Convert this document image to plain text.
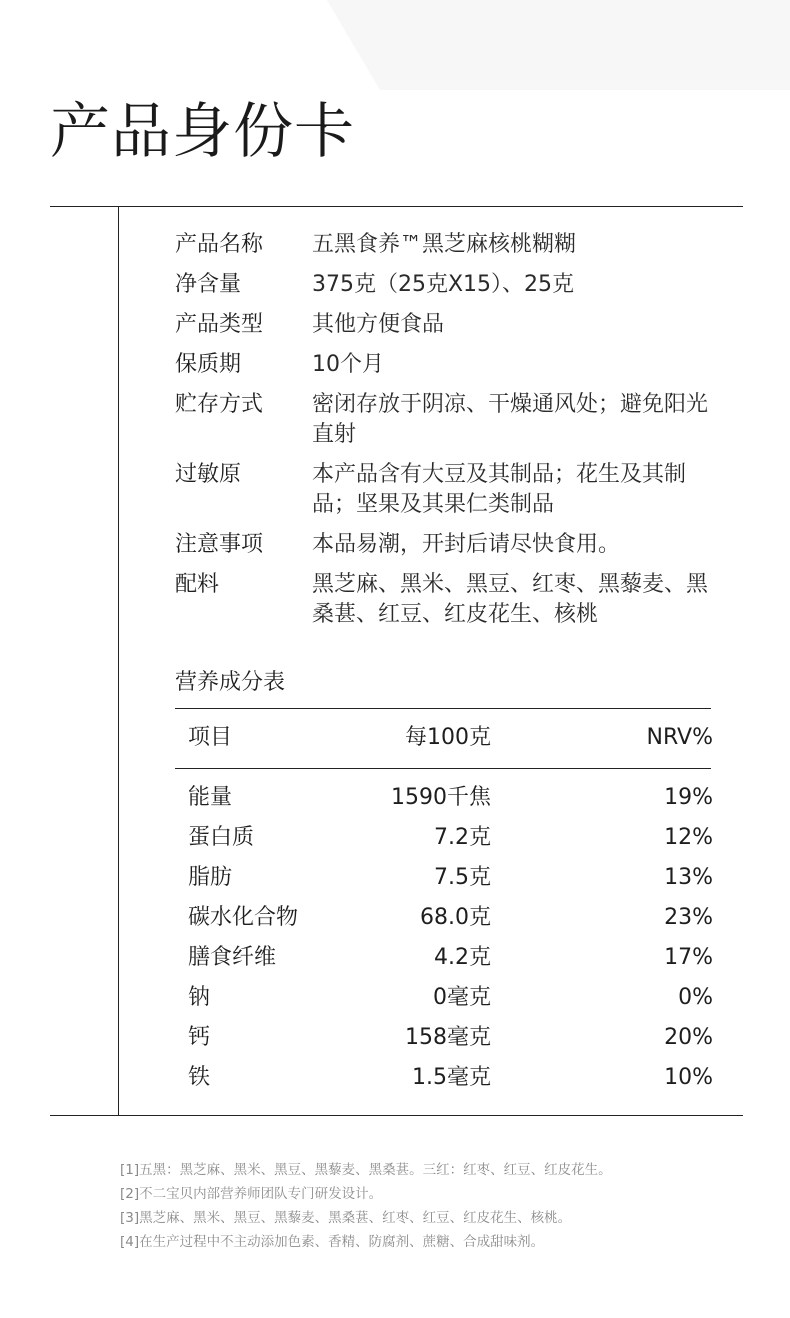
产品身份卡
产品名称	五黑食养™黑芝麻核桃糊糊
净含量	375克（25克X15）、25克
产品类型	其他方便食品
保质期	10个月
贮存方式	密闭存放于阴凉、干燥通风处；避免阳光直射
过敏原	本产品含有大豆及其制品；花生及其制品；坚果及其果仁类制品
注意事项	本品易潮，开封后请尽快食用。
配料	黑芝麻、黑米、黑豆、红枣、黑藜麦、黑桑葚、红豆、红皮花生、核桃
营养成分表
项目	每100克	NRV%
能量	1590千焦	19%
蛋白质	7.2克	12%
脂肪	7.5克	13%
碳水化合物	68.0克	23%
膳食纤维	4.2克	17%
钠	0毫克	0%
钙	158毫克	20%
铁	1.5毫克	10%
[1]五黑：黑芝麻、黑米、黑豆、黑藜麦、黑桑葚。三红：红枣、红豆、红皮花生。
[2]不二宝贝内部营养师团队专门研发设计。
[3]黑芝麻、黑米、黑豆、黑藜麦、黑桑葚、红枣、红豆、红皮花生、核桃。
[4]在生产过程中不主动添加色素、香精、防腐剂、蔗糖、合成甜味剂。
